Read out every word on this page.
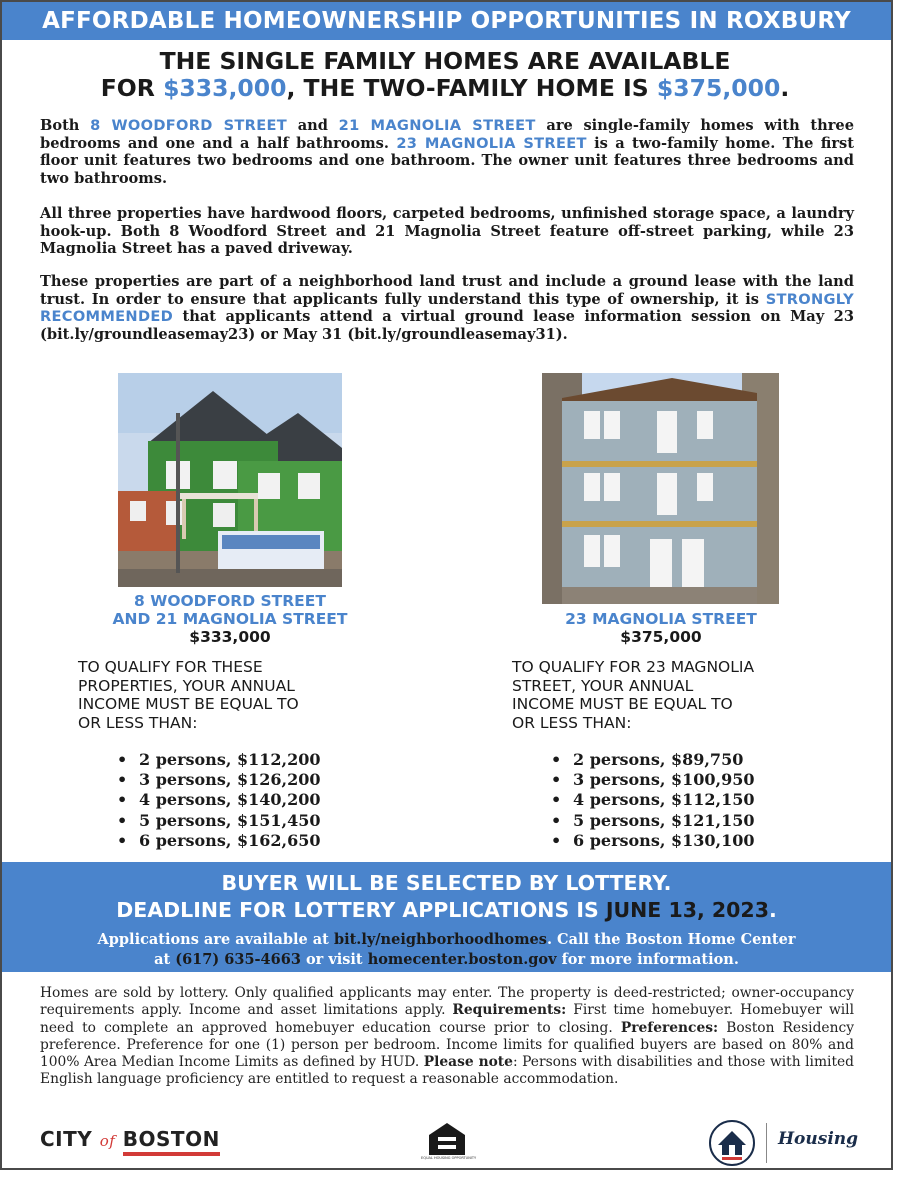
AFFORDABLE HOMEOWNERSHIP OPPORTUNITIES IN ROXBURY
THE SINGLE FAMILY HOMES ARE AVAILABLE
FOR $333,000, THE TWO-FAMILY HOME IS $375,000.

Both 8 WOODFORD STREET and 21 MAGNOLIA STREET are single-family homes with three bedrooms and one and a half bathrooms. 23 MAGNOLIA STREET is a two-family home. The first floor unit features two bedrooms and one bathroom. The owner unit features three bedrooms and two bathrooms.

All three properties have hardwood floors, carpeted bedrooms, unfinished storage space, a laundry hook-up. Both 8 Woodford Street and 21 Magnolia Street feature off-street parking, while 23 Magnolia Street has a paved driveway.

These properties are part of a neighborhood land trust and include a ground lease with the land trust. In order to ensure that applicants fully understand this type of ownership, it is STRONGLY RECOMMENDED that applicants attend a virtual ground lease information session on May 23 (bit.ly/groundleasemay23) or May 31 (bit.ly/groundleasemay31).

8 WOODFORD STREET
AND 21 MAGNOLIA STREET
$333,000
23 MAGNOLIA STREET
$375,000
TO QUALIFY FOR THESE
PROPERTIES, YOUR ANNUAL
INCOME MUST BE EQUAL TO
OR LESS THAN:
TO QUALIFY FOR 23 MAGNOLIA
STREET, YOUR ANNUAL
INCOME MUST BE EQUAL TO
OR LESS THAN:
• 2 persons, $112,200
• 3 persons, $126,200
• 4 persons, $140,200
• 5 persons, $151,450
• 6 persons, $162,650
• 2 persons, $89,750
• 3 persons, $100,950
• 4 persons, $112,150
• 5 persons, $121,150
• 6 persons, $130,100
BUYER WILL BE SELECTED BY LOTTERY.
DEADLINE FOR LOTTERY APPLICATIONS IS JUNE 13, 2023.
Applications are available at bit.ly/neighborhoodhomes. Call the Boston Home Center
at (617) 635-4663 or visit homecenter.boston.gov for more information.

Homes are sold by lottery. Only qualified applicants may enter. The property is deed-restricted; owner-occupancy requirements apply. Income and asset limitations apply. Requirements: First time homebuyer. Homebuyer will need to complete an approved homebuyer education course prior to closing. Preferences: Boston Residency preference. Preference for one (1) person per bedroom. Income limits for qualified buyers are based on 80% and 100% Area Median Income Limits as defined by HUD. Please note: Persons with disabilities and those with limited English language proficiency are entitled to request a reasonable accommodation.

CITY of BOSTON
EQUAL HOUSING OPPORTUNITY
Housing
